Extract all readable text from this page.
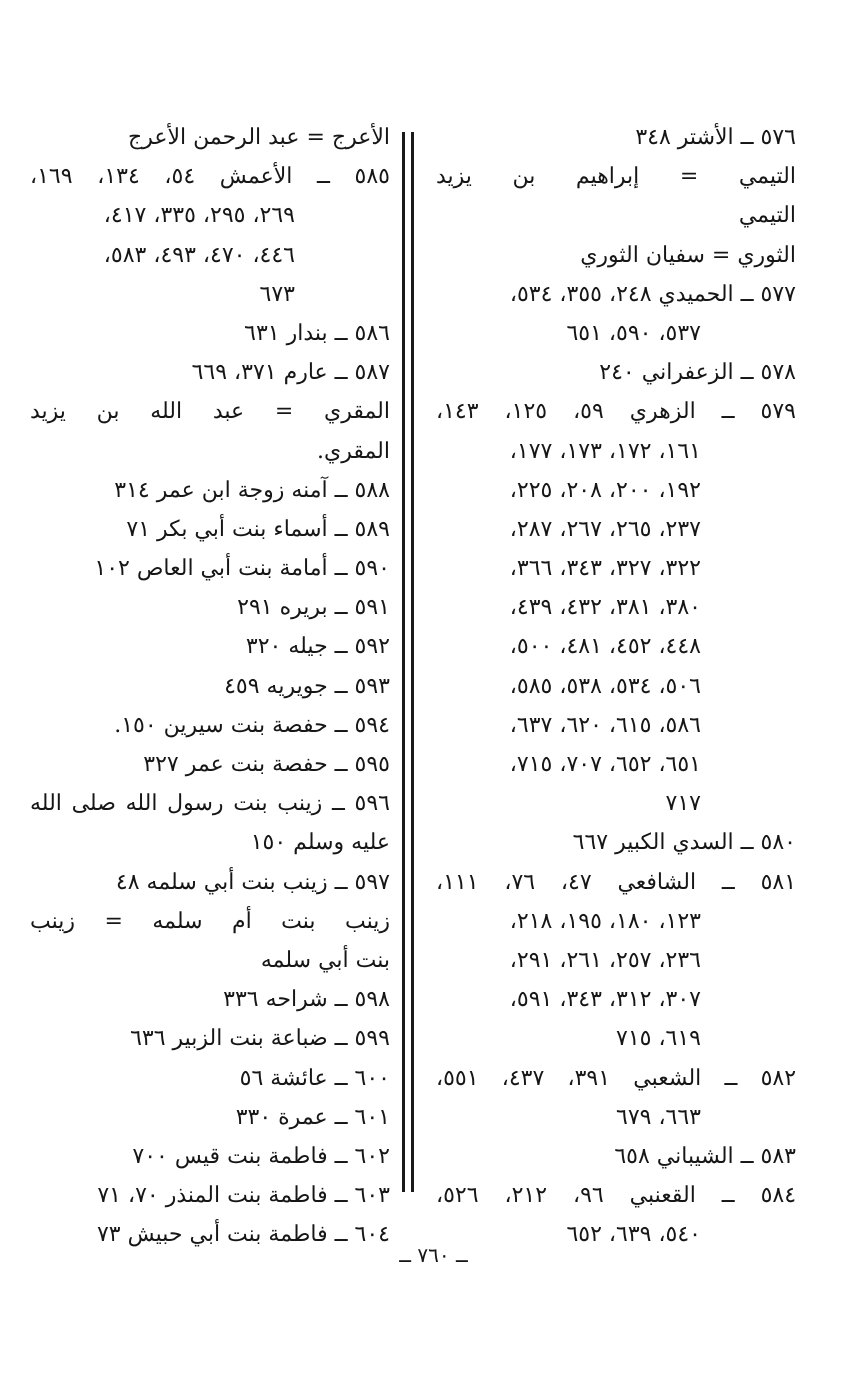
٥٧٦ ــ الأشتر ٣٤٨
التيمي = إبراهيم بن يزيد
التيمي
الثوري = سفيان الثوري
٥٧٧ ــ الحميدي ٢٤٨، ٣٥٥، ٥٣٤،
٥٣٧، ٥٩٠، ٦٥١
٥٧٨ ــ الزعفراني ٢٤٠
٥٧٩ ــ الزهري ٥٩، ١٢٥، ١٤٣،
١٦١، ١٧٢، ١٧٣، ١٧٧،
١٩٢، ٢٠٠، ٢٠٨، ٢٢٥،
٢٣٧، ٢٦٥، ٢٦٧، ٢٨٧،
٣٢٢، ٣٢٧، ٣٤٣، ٣٦٦،
٣٨٠، ٣٨١، ٤٣٢، ٤٣٩،
٤٤٨، ٤٥٢، ٤٨١، ٥٠٠،
٥٠٦، ٥٣٤، ٥٣٨، ٥٨٥،
٥٨٦، ٦١٥، ٦٢٠، ٦٣٧،
٦٥١، ٦٥٢، ٧٠٧، ٧١٥،
٧١٧
٥٨٠ ــ السدي الكبير ٦٦٧
٥٨١ ــ الشافعي ٤٧، ٧٦، ١١١،
١٢٣، ١٨٠، ١٩٥، ٢١٨،
٢٣٦، ٢٥٧، ٢٦١، ٢٩١،
٣٠٧، ٣١٢، ٣٤٣، ٥٩١،
٦١٩، ٧١٥
٥٨٢ ــ الشعبي ٣٩١، ٤٣٧، ٥٥١،
٦٦٣، ٦٧٩
٥٨٣ ــ الشيباني ٦٥٨
٥٨٤ ــ القعنبي ٩٦، ٢١٢، ٥٢٦،
٥٤٠، ٦٣٩، ٦٥٢
الأعرج = عبد الرحمن الأعرج
٥٨٥ ــ الأعمش ٥٤، ١٣٤، ١٦٩،
٢٦٩، ٢٩٥، ٣٣٥، ٤١٧،
٤٤٦، ٤٧٠، ٤٩٣، ٥٨٣،
٦٧٣
٥٨٦ ــ بندار ٦٣١
٥٨٧ ــ عارم ٣٧١، ٦٦٩
المقري = عبد الله بن يزيد
المقري.
٥٨٨ ــ آمنه زوجة ابن عمر ٣١٤
٥٨٩ ــ أسماء بنت أبي بكر ٧١
٥٩٠ ــ أمامة بنت أبي العاص ١٠٢
٥٩١ ــ بريره ٢٩١
٥٩٢ ــ جيله ٣٢٠
٥٩٣ ــ جويريه ٤٥٩
٥٩٤ ــ حفصة بنت سيرين ١٥٠.
٥٩٥ ــ حفصة بنت عمر ٣٢٧
٥٩٦ ــ زينب بنت رسول الله صلى الله
عليه وسلم ١٥٠
٥٩٧ ــ زينب بنت أبي سلمه ٤٨
زينب بنت أم سلمه = زينب
بنت أبي سلمه
٥٩٨ ــ شراحه ٣٣٦
٥٩٩ ــ ضباعة بنت الزبير ٦٣٦
٦٠٠ ــ عائشة ٥٦
٦٠١ ــ عمرة ٣٣٠
٦٠٢ ــ فاطمة بنت قيس ٧٠٠
٦٠٣ ــ فاطمة بنت المنذر ٧٠، ٧١
٦٠٤ ــ فاطمة بنت أبي حبيش ٧٣
ــ ٧٦٠ ــ
